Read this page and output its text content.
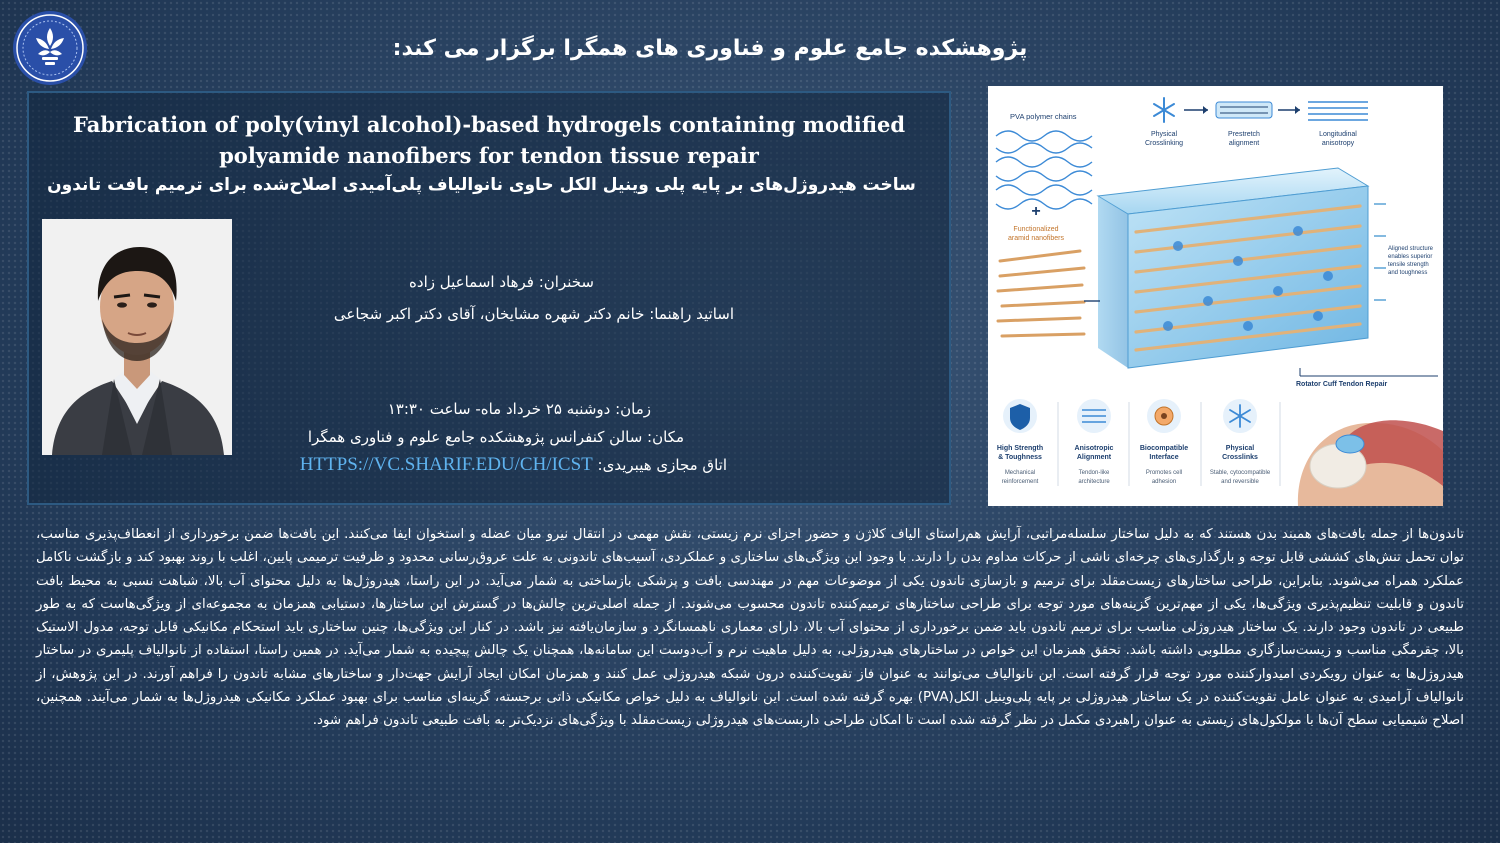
پژوهشکده جامع علوم و فناوری های همگرا برگزار می کند:
Fabrication of poly(vinyl alcohol)-based hydrogels containing modified polyamide nanofibers for tendon tissue repair
ساخت هیدروژل‌های بر پایه پلی وینیل الکل حاوی نانوالیاف پلی‌آمیدی اصلاح‌شده برای ترمیم بافت تاندون
سخنران: فرهاد اسماعیل زاده
اساتید راهنما: خانم دکتر شهره مشایخان، آقای دکتر اکبر شجاعی
زمان: دوشنبه ۲۵ خرداد ماه- ساعت ۱۳:۳۰
مکان: سالن کنفرانس پژوهشکده جامع علوم و فناوری همگرا
اتاق مجازی هیبریدی: HTTPS://VC.SHARIF.EDU/CH/ICST
PVA polymer chains
Physical
Crosslinking
Prestretch
alignment
Longitudinal
anisotropy
+
Functionalized
aramid nanofibers
Aligned structure
enables superior
tensile strength
and toughness
Rotator Cuff Tendon Repair
High Strength
& Toughness
Anisotropic
Alignment
Biocompatible
Interface
Physical
Crosslinks
Mechanical
reinforcement
Tendon-like
architecture
Promotes cell
adhesion
Stable, cytocompatible
and reversible
تاندون‌ها از جمله بافت‌های همبند بدن هستند که به دلیل ساختار سلسله‌مراتبی، آرایش هم‌راستای الیاف کلاژن و حضور اجزای نرم زیستی، نقش مهمی در انتقال نیرو میان عضله و استخوان ایفا می‌کنند. این بافت‌ها ضمن برخورداری از انعطاف‌پذیری مناسب، توان تحمل تنش‌های کششی قابل توجه و بارگذاری‌های چرخه‌ای ناشی از حرکات مداوم بدن را دارند. با وجود این ویژگی‌های ساختاری و عملکردی، آسیب‌های تاندونی به علت عروق‌رسانی محدود و ظرفیت ترمیمی پایین، اغلب با روند بهبود کند و بازگشت ناکامل عملکرد همراه می‌شوند. بنابراین، طراحی ساختارهای زیست‌مقلد برای ترمیم و بازسازی تاندون یکی از موضوعات مهم در مهندسی بافت و پزشکی بازساختی به شمار می‌آید. در این راستا، هیدروژل‌ها به دلیل محتوای آب بالا، شباهت نسبی به محیط بافت تاندون و قابلیت تنظیم‌پذیری ویژگی‌ها، یکی از مهم‌ترین گزینه‌های مورد توجه برای طراحی ساختارهای ترمیم‌کننده تاندون محسوب می‌شوند. از جمله اصلی‌ترین چالش‌ها در گسترش این ساختارها، دستیابی همزمان به مجموعه‌ای از ویژگی‌هاست که به طور طبیعی در تاندون وجود دارند. یک ساختار هیدروژلی مناسب برای ترمیم تاندون باید ضمن برخورداری از محتوای آب بالا، دارای معماری ناهمسانگرد و سازمان‌یافته نیز باشد. در کنار این ویژگی‌ها، چنین ساختاری باید استحکام مکانیکی قابل توجه، مدول الاستیک بالا، چقرمگی مناسب و زیست‌سازگاری مطلوبی داشته باشد. تحقق همزمان این خواص در ساختارهای هیدروژلی، به دلیل ماهیت نرم و آب‌دوست این سامانه‌ها، همچنان یک چالش پیچیده به شمار می‌آید. در همین راستا، استفاده از نانوالیاف پلیمری در ساختار هیدروژل‌ها به عنوان رویکردی امیدوارکننده مورد توجه قرار گرفته است. این نانوالیاف می‌توانند به عنوان فاز تقویت‌کننده درون شبکه هیدروژلی عمل کنند و همزمان امکان ایجاد آرایش جهت‌دار و ساختارهای مشابه تاندون را فراهم آورند. در این پژوهش، از نانوالیاف آرامیدی به عنوان عامل تقویت‌کننده در یک ساختار هیدروژلی بر پایه پلی‌وینیل الکل(PVA) بهره گرفته شده است. این نانوالیاف به دلیل خواص مکانیکی ذاتی برجسته، گزینه‌ای مناسب برای بهبود عملکرد مکانیکی هیدروژل‌ها به شمار می‌آیند. همچنین، اصلاح شیمیایی سطح آن‌ها با مولکول‌های زیستی به عنوان راهبردی مکمل در نظر گرفته شده است تا امکان طراحی داربست‌های هیدروژلی زیست‌مقلد با ویژگی‌های نزدیک‌تر به بافت طبیعی تاندون فراهم شود.
